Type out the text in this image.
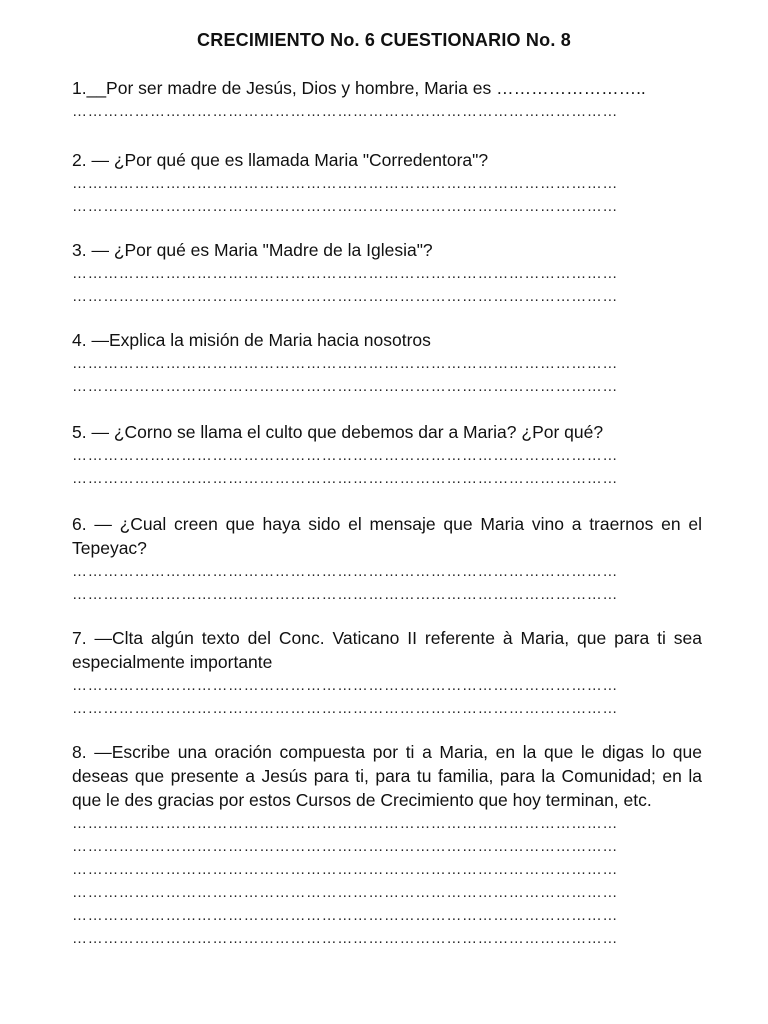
CRECIMIENTO No. 6 CUESTIONARIO No. 8

1.__Por ser madre de Jesús, Dios y hombre, Maria es ……………………..

……………………………………………………………………………………………

2. — ¿Por qué que es llamada Maria "Corredentora"?

……………………………………………………………………………………………
……………………………………………………………………………………………

3. — ¿Por qué es Maria "Madre de la Iglesia"?

……………………………………………………………………………………………
……………………………………………………………………………………………

4. —Explica la misión de Maria hacia nosotros

……………………………………………………………………………………………
……………………………………………………………………………………………

5. — ¿Corno se llama el culto que debemos dar a Maria? ¿Por qué?

……………………………………………………………………………………………
……………………………………………………………………………………………

6. — ¿Cual creen que haya sido el mensaje que Maria vino a traernos en el Tepeyac?

……………………………………………………………………………………………
……………………………………………………………………………………………

7. —Clta algún texto del Conc. Vaticano II referente à Maria, que para ti sea especialmente importante

……………………………………………………………………………………………
……………………………………………………………………………………………

8. —Escribe una oración compuesta por ti a Maria, en la que le digas lo que deseas que presente a Jesús para ti, para tu familia, para la Comunidad; en la que le des gracias por estos Cursos de Crecimiento que hoy terminan, etc.

……………………………………………………………………………………………
……………………………………………………………………………………………
……………………………………………………………………………………………
……………………………………………………………………………………………
……………………………………………………………………………………………
……………………………………………………………………………………………
